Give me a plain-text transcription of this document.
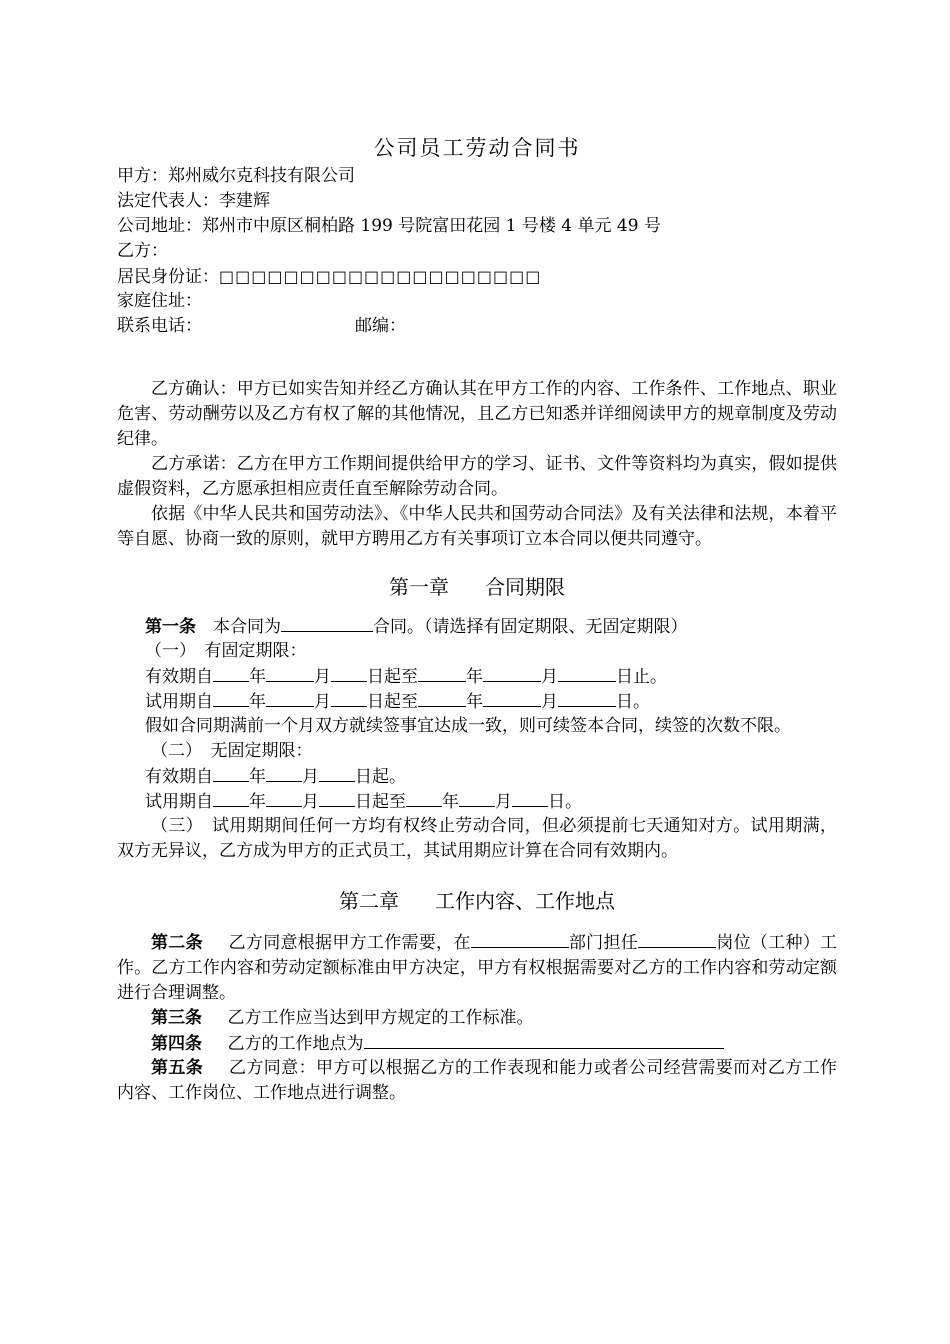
公司员工劳动合同书
甲方：郑州威尔克科技有限公司
法定代表人：李建辉
公司地址：郑州市中原区桐柏路 199 号院富田花园 1 号楼 4 单元 49 号
乙方：
居民身份证：□□□□□□□□□□□□□□□□□□□□
家庭住址：
联系电话：	邮编：

乙方确认：甲方已如实告知并经乙方确认其在甲方工作的内容、工作条件、工作地点、职业危害、劳动酬劳以及乙方有权了解的其他情况，且乙方已知悉并详细阅读甲方的规章制度及劳动纪律。

乙方承诺：乙方在甲方工作期间提供给甲方的学习、证书、文件等资料均为真实，假如提供虚假资料，乙方愿承担相应责任直至解除劳动合同。

依据《中华人民共和国劳动法》、《中华人民共和国劳动合同法》及有关法律和法规，本着平等自愿、协商一致的原则，就甲方聘用乙方有关事项订立本合同以便共同遵守。

第一章 合同期限
第一条  本合同为	合同。（请选择有固定期限、无固定期限）
（一）　有固定期限：
有效期自 年	月 日起至	年	月	日止。
试用期自 年	月 日起至	年	月	日。

假如合同期满前一个月双方就续签事宜达成一致，则可续签本合同，续签的次数不限。

（二）　无固定期限：
有效期自 年 月 日起。
试用期自 年 月 日起至 年 月 日。

（三）　试用期期间任何一方均有权终止劳动合同，但必须提前七天通知对方。试用期满，双方无异议，乙方成为甲方的正式员工，其试用期应计算在合同有效期内。

第二章 工作内容、工作地点

第二条   乙方同意根据甲方工作需要，在	部门担任	岗位（工种）工作。乙方工作内容和劳动定额标准由甲方决定，甲方有权根据需要对乙方的工作内容和劳动定额进行合理调整。

第三条   乙方工作应当达到甲方规定的工作标准。
第四条   乙方的工作地点为

第五条   乙方同意：甲方可以根据乙方的工作表现和能力或者公司经营需要而对乙方工作内容、工作岗位、工作地点进行调整。
